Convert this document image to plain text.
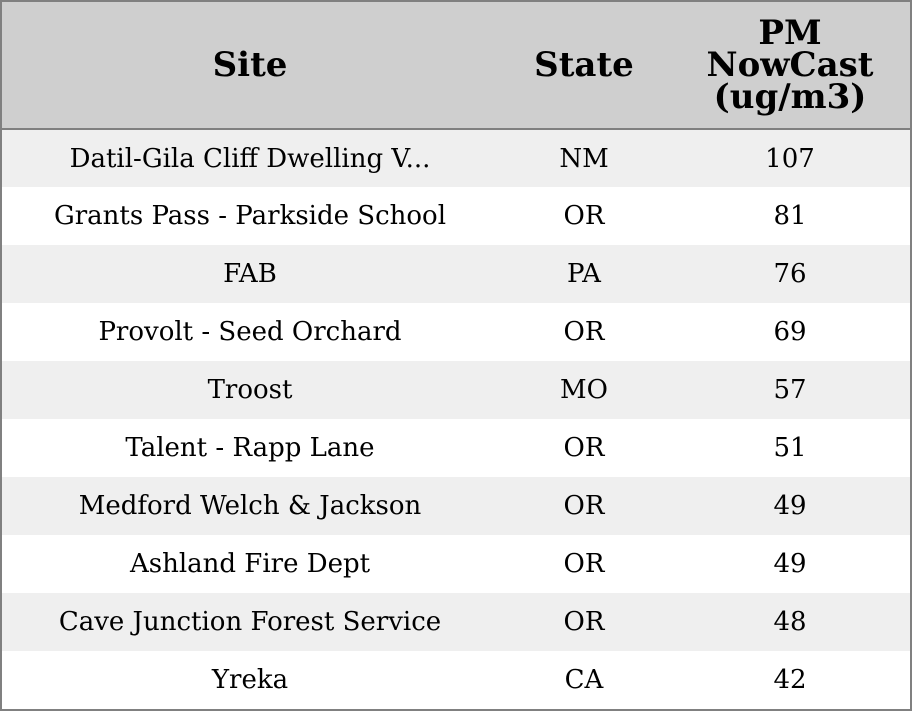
Site	State	PM
NowCast
(ug/m3)

Datil-Gila Cliff Dwelling V...	NM	107
Grants Pass - Parkside School	OR	81
FAB	PA	76
Provolt - Seed Orchard	OR	69
Troost	MO	57
Talent - Rapp Lane	OR	51
Medford Welch & Jackson	OR	49
Ashland Fire Dept	OR	49
Cave Junction Forest Service	OR	48
Yreka	CA	42
